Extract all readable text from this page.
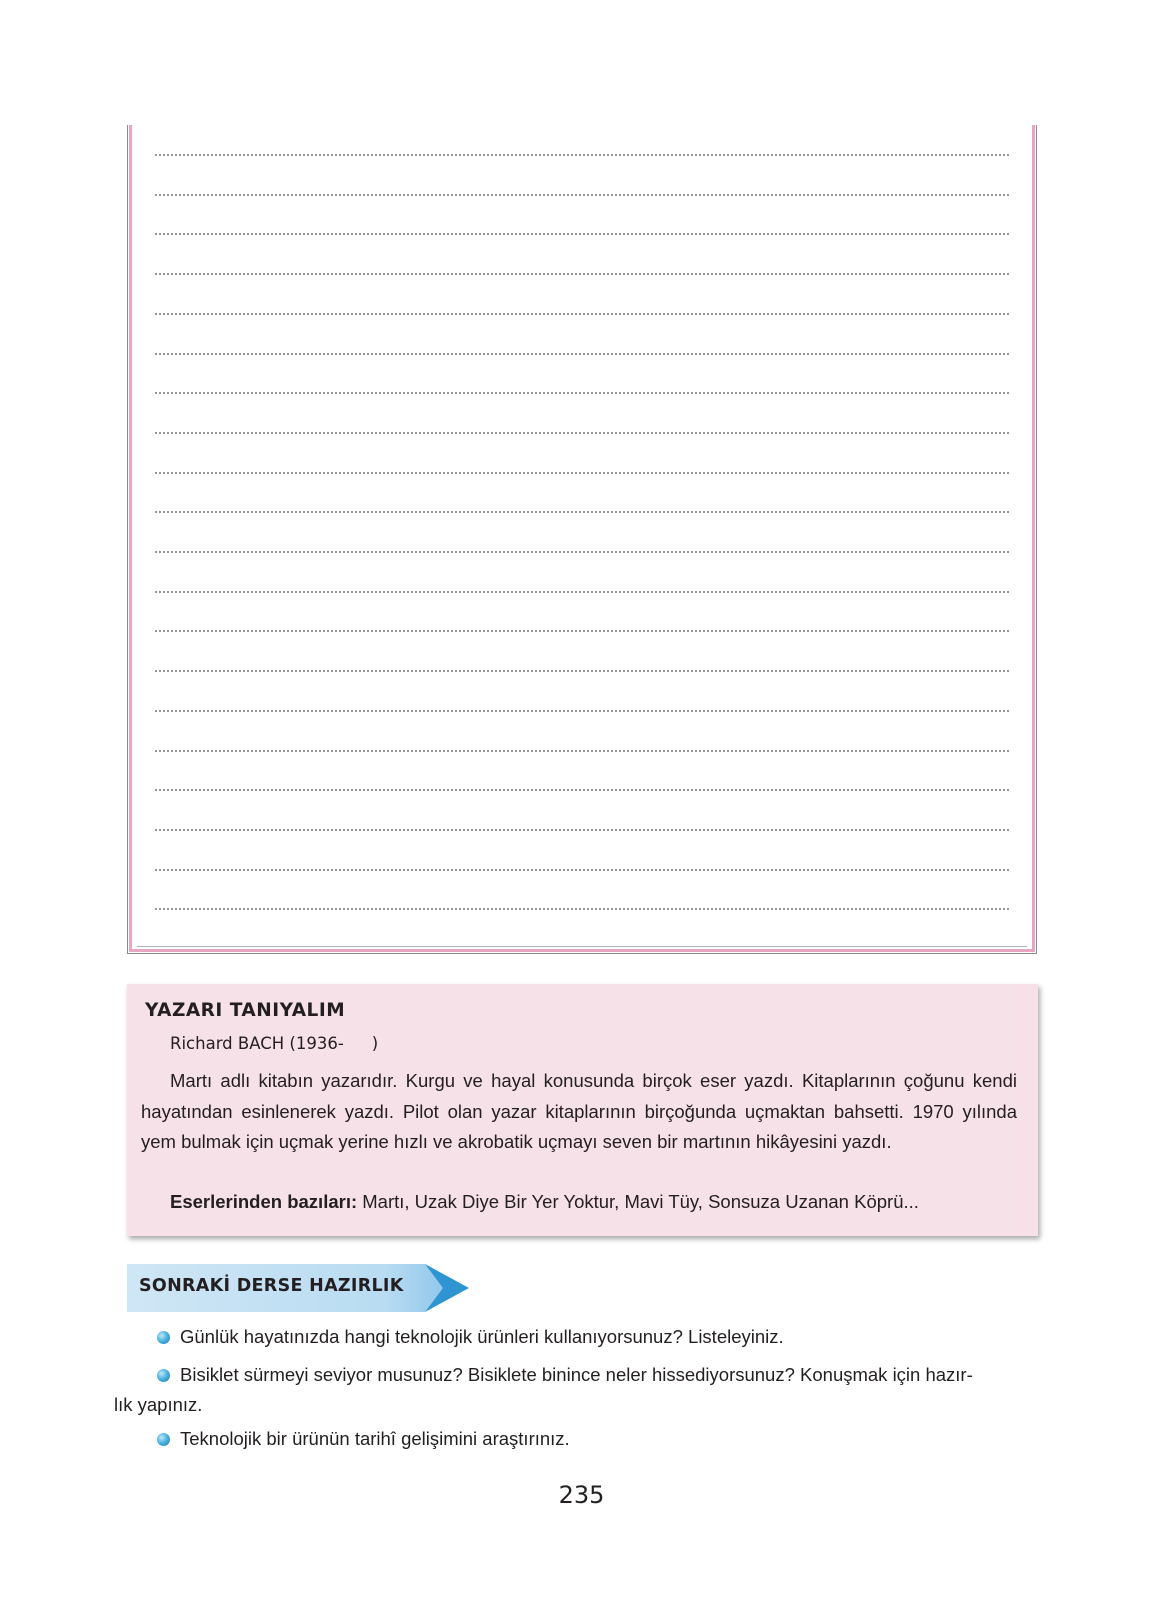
YAZARI TANIYALIM
Richard BACH (1936- )
Martı adlı kitabın yazarıdır. Kurgu ve hayal konusunda birçok eser yazdı. Kitaplarının çoğunu kendi hayatından esinlenerek yazdı. Pilot olan yazar kitaplarının birçoğunda uçmaktan bahsetti. 1970 yılında yem bulmak için uçmak yerine hızlı ve akrobatik uçmayı seven bir martının hikâyesini yazdı.
Eserlerinden bazıları: Martı, Uzak Diye Bir Yer Yoktur, Mavi Tüy, Sonsuza Uzanan Köprü...
SONRAKİ DERSE HAZIRLIK
Günlük hayatınızda hangi teknolojik ürünleri kullanıyorsunuz? Listeleyiniz.
Bisiklet sürmeyi seviyor musunuz? Bisiklete binince neler hissediyorsunuz? Konuşmak için hazır-
lık yapınız.
Teknolojik bir ürünün tarihî gelişimini araştırınız.
235
